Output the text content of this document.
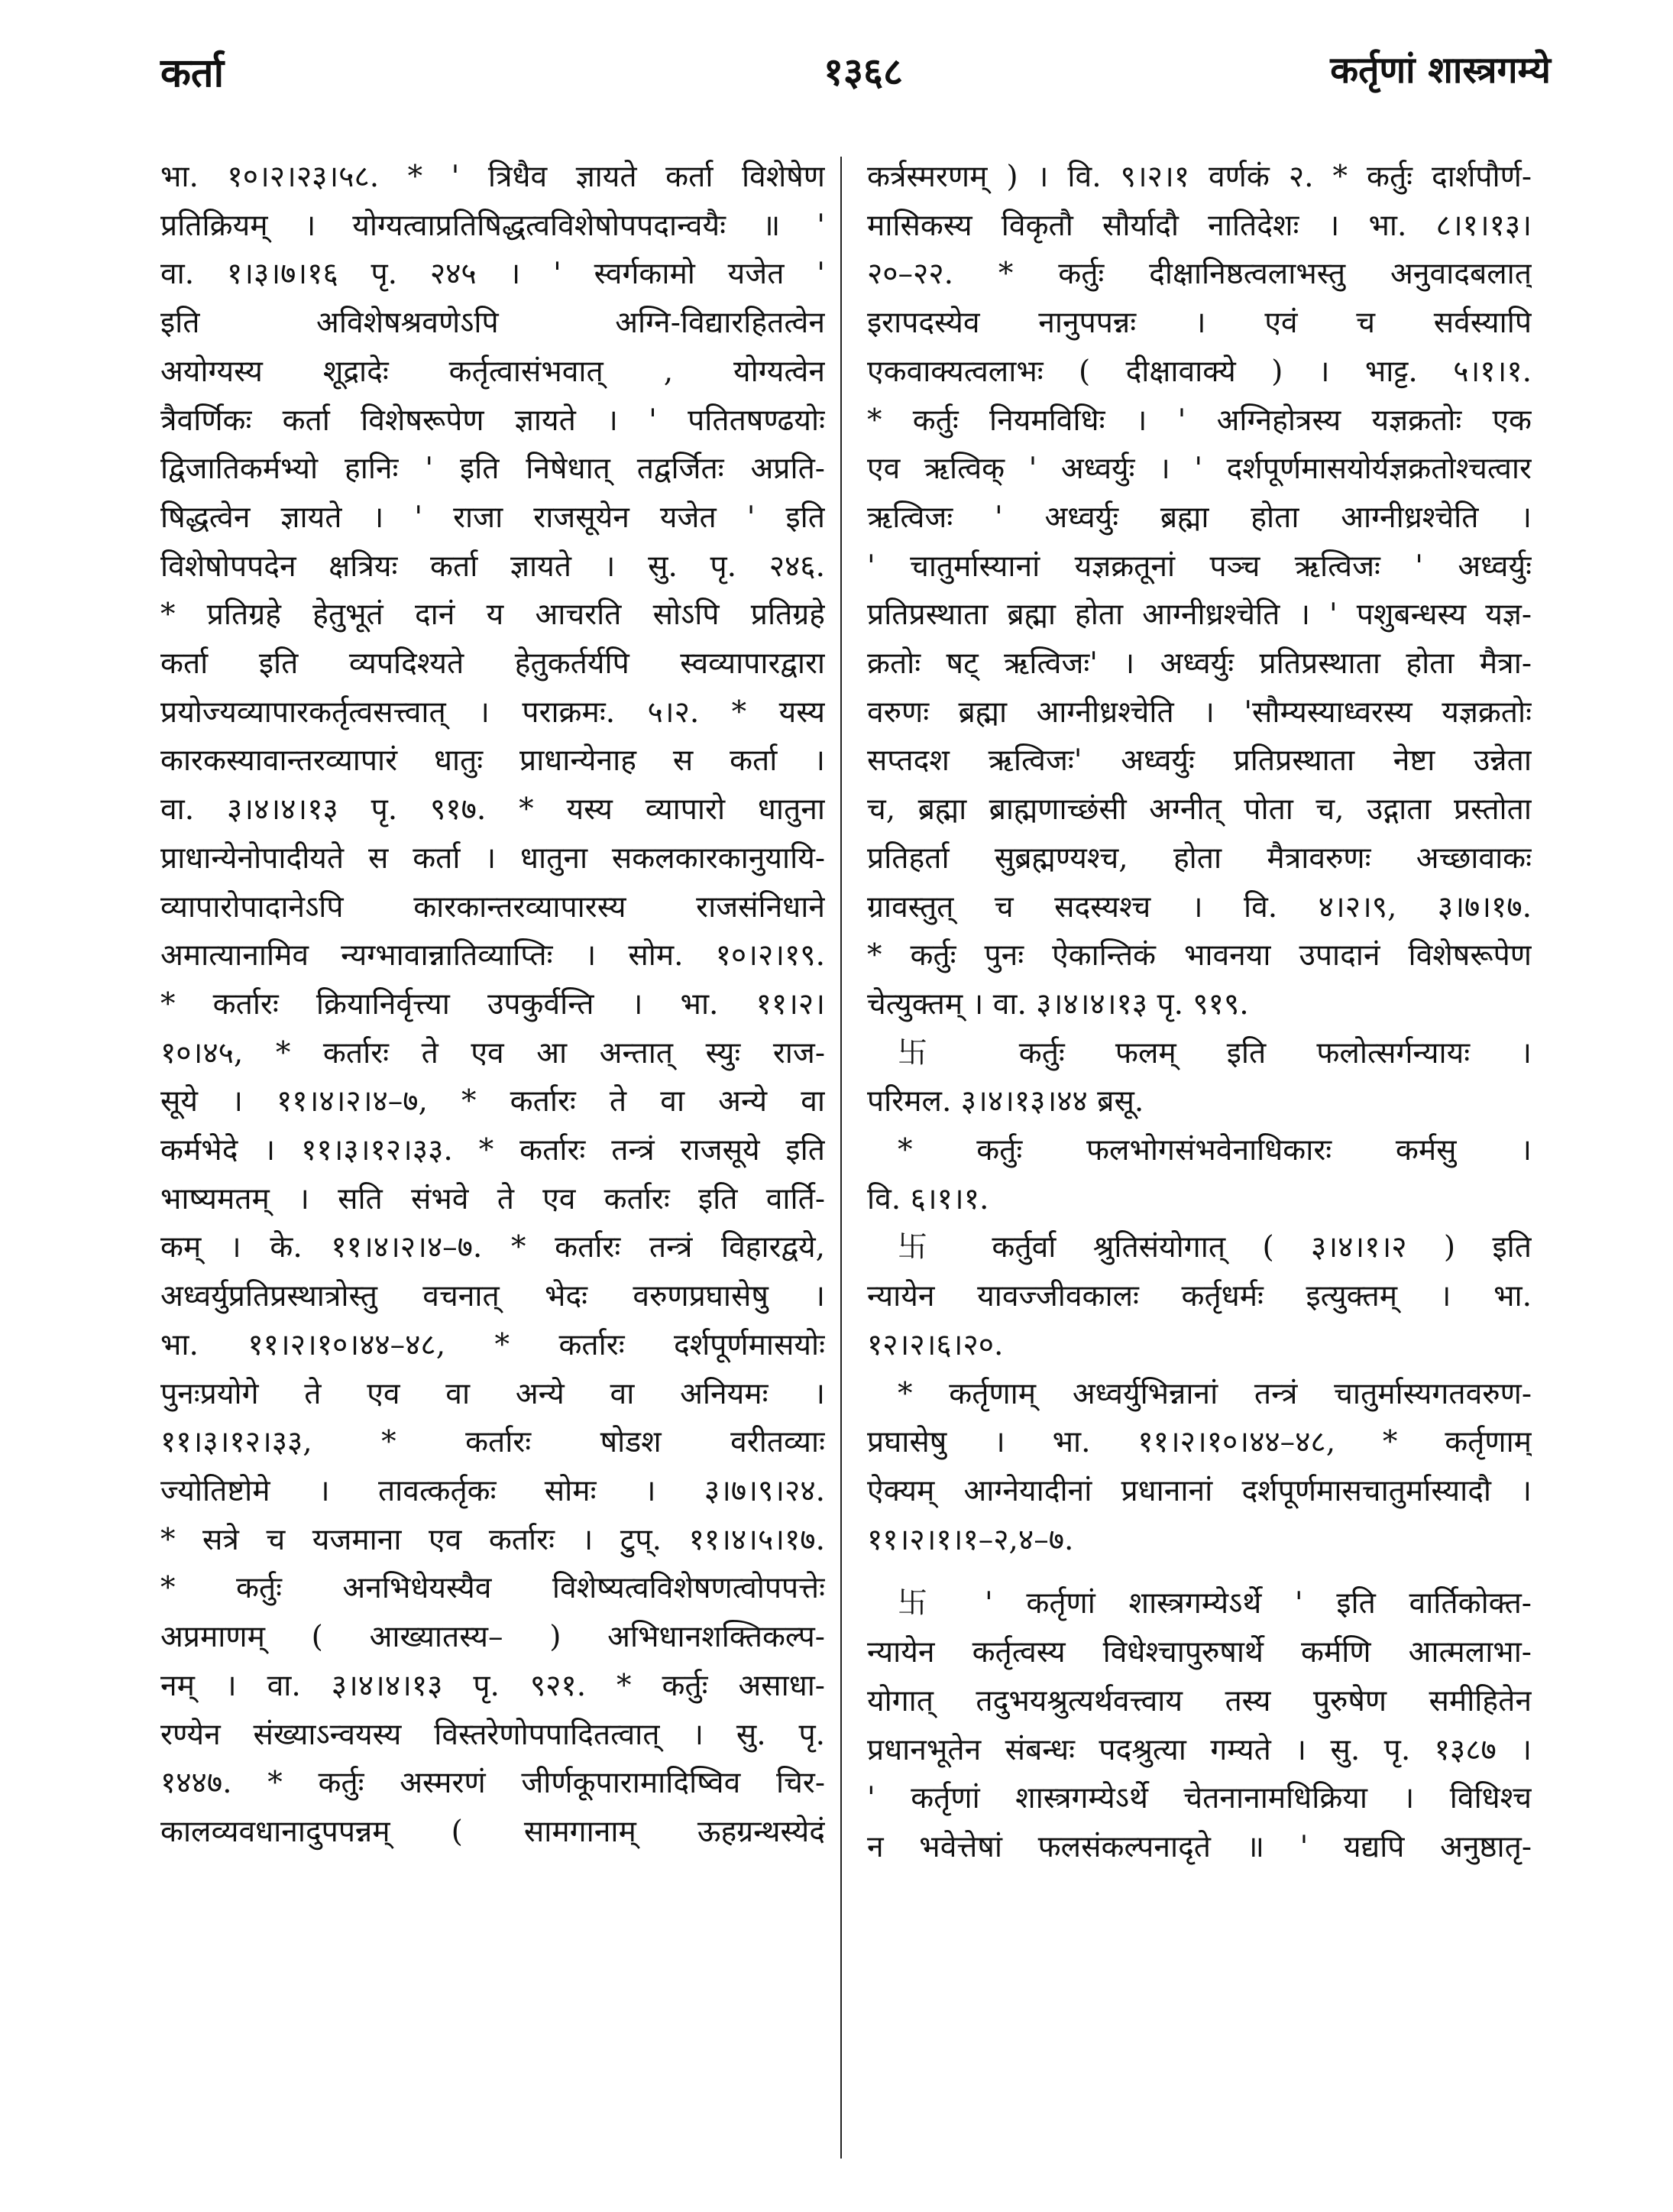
कर्ता	१३६८	कर्तृणां शास्त्रगम्ये
भा. १०।२।२३।५८. * ' त्रिधैव ज्ञायते कर्ता विशेषेण
प्रतिक्रियम् । योग्यत्वाप्रतिषिद्धत्वविशेषोपपदान्वयैः ॥ '
वा. १।३।७।१६ पृ. २४५ । ' स्वर्गकामो यजेत '
इति अविशेषश्रवणेऽपि अग्नि-विद्यारहितत्वेन
अयोग्यस्य शूद्रादेः कर्तृत्वासंभवात् , योग्यत्वेन
त्रैवर्णिकः कर्ता विशेषरूपेण ज्ञायते । ' पतितषण्ढयोः
द्विजातिकर्मभ्यो हानिः ' इति निषेधात् तद्वर्जितः अप्रति-
षिद्धत्वेन ज्ञायते । ' राजा राजसूयेन यजेत ' इति
विशेषोपपदेन क्षत्रियः कर्ता ज्ञायते । सु. पृ. २४६.
* प्रतिग्रहे हेतुभूतं दानं य आचरति सोऽपि प्रतिग्रहे
कर्ता इति व्यपदिश्यते हेतुकर्तर्यपि स्वव्यापारद्वारा
प्रयोज्यव्यापारकर्तृत्वसत्त्वात् । पराक्रमः. ५।२. * यस्य
कारकस्यावान्तरव्यापारं धातुः प्राधान्येनाह स कर्ता ।
वा. ३।४।४।१३ पृ. ९१७. * यस्य व्यापारो धातुना
प्राधान्येनोपादीयते स कर्ता । धातुना सकलकारकानुयायि-
व्यापारोपादानेऽपि कारकान्तरव्यापारस्य राजसंनिधाने
अमात्यानामिव न्यग्भावान्नातिव्याप्तिः । सोम. १०।२।१९.
* कर्तारः क्रियानिर्वृत्त्या उपकुर्वन्ति । भा. ११।२।
१०।४५, * कर्तारः ते एव आ अन्तात् स्युः राज-
सूये । ११।४।२।४–७, * कर्तारः ते वा अन्ये वा
कर्मभेदे । ११।३।१२।३३. * कर्तारः तन्त्रं राजसूये इति
भाष्यमतम् । सति संभवे ते एव कर्तारः इति वार्ति-
कम् । के. ११।४।२।४–७. * कर्तारः तन्त्रं विहारद्वये,
अध्वर्युप्रतिप्रस्थात्रोस्तु वचनात् भेदः वरुणप्रघासेषु ।
भा. ११।२।१०।४४–४८, * कर्तारः दर्शपूर्णमासयोः
पुनःप्रयोगे ते एव वा अन्ये वा अनियमः ।
११।३।१२।३३, * कर्तारः षोडश वरीतव्याः
ज्योतिष्टोमे । तावत्कर्तृकः सोमः । ३।७।९।२४.
* सत्रे च यजमाना एव कर्तारः । टुप्. ११।४।५।१७.
* कर्तुः अनभिधेयस्यैव विशेष्यत्वविशेषणत्वोपपत्तेः
अप्रमाणम् ( आख्यातस्य– ) अभिधानशक्तिकल्प-
नम् । वा. ३।४।४।१३ पृ. ९२१. * कर्तुः असाधा-
रण्येन संख्याऽन्वयस्य विस्तरेणोपपादितत्वात् । सु. पृ.
१४४७. * कर्तुः अस्मरणं जीर्णकूपारामादिष्विव चिर-
कालव्यवधानादुपपन्नम् ( सामगानाम् ऊहग्रन्थस्येदं
कर्त्रस्मरणम् ) । वि. ९।२।१ वर्णकं २. * कर्तुः दार्शपौर्ण-
मासिकस्य विकृतौ सौर्यादौ नातिदेशः । भा. ८।१।१३।
२०–२२. * कर्तुः दीक्षानिष्ठत्वलाभस्तु अनुवादबलात्
इरापदस्येव नानुपपन्नः । एवं च सर्वस्यापि
एकवाक्यत्वलाभः ( दीक्षावाक्ये ) । भाट्ट. ५।१।१.
* कर्तुः नियमविधिः । ' अग्निहोत्रस्य यज्ञक्रतोः एक
एव ऋत्विक् ' अध्वर्युः । ' दर्शपूर्णमासयोर्यज्ञक्रतोश्चत्वार
ऋत्विजः ' अध्वर्युः ब्रह्मा होता आग्नीध्रश्चेति ।
' चातुर्मास्यानां यज्ञक्रतूनां पञ्च ऋत्विजः ' अध्वर्युः
प्रतिप्रस्थाता ब्रह्मा होता आग्नीध्रश्चेति । ' पशुबन्धस्य यज्ञ-
क्रतोः षट् ऋत्विजः' । अध्वर्युः प्रतिप्रस्थाता होता मैत्रा-
वरुणः ब्रह्मा आग्नीध्रश्चेति । 'सौम्यस्याध्वरस्य यज्ञक्रतोः
सप्तदश ऋत्विजः' अध्वर्युः प्रतिप्रस्थाता नेष्टा उन्नेता
च, ब्रह्मा ब्राह्मणाच्छंसी अग्नीत् पोता च, उद्गाता प्रस्तोता
प्रतिहर्ता सुब्रह्मण्यश्च, होता मैत्रावरुणः अच्छावाकः
ग्रावस्तुत् च सदस्यश्च । वि. ४।२।९, ३।७।१७.
* कर्तुः पुनः ऐकान्तिकं भावनया उपादानं विशेषरूपेण
चेत्युक्तम् । वा. ३।४।४।१३ पृ. ९१९.
卐 कर्तुः फलम् इति फलोत्सर्गन्यायः ।
परिमल. ३।४।१३।४४ ब्रसू.
* कर्तुः फलभोगसंभवेनाधिकारः कर्मसु ।
वि. ६।१।१.
卐 कर्तुर्वा श्रुतिसंयोगात् ( ३।४।१।२ ) इति
न्यायेन यावज्जीवकालः कर्तृधर्मः इत्युक्तम् । भा.
१२।२।६।२०.
* कर्तृणाम् अध्वर्युभिन्नानां तन्त्रं चातुर्मास्यगतवरुण-
प्रघासेषु । भा. ११।२।१०।४४–४८, * कर्तृणाम्
ऐक्यम् आग्नेयादीनां प्रधानानां दर्शपूर्णमासचातुर्मास्यादौ ।
११।२।१।१–२,४–७.
卐 ' कर्तृणां शास्त्रगम्येऽर्थे ' इति वार्तिकोक्त-
न्यायेन कर्तृत्वस्य विधेश्चापुरुषार्थे कर्मणि आत्मलाभा-
योगात् तदुभयश्रुत्यर्थवत्त्वाय तस्य पुरुषेण समीहितेन
प्रधानभूतेन संबन्धः पदश्रुत्या गम्यते । सु. पृ. १३८७ ।
' कर्तृणां शास्त्रगम्येऽर्थे चेतनानामधिक्रिया । विधिश्च
न भवेत्तेषां फलसंकल्पनादृते ॥ ' यद्यपि अनुष्ठातृ-
